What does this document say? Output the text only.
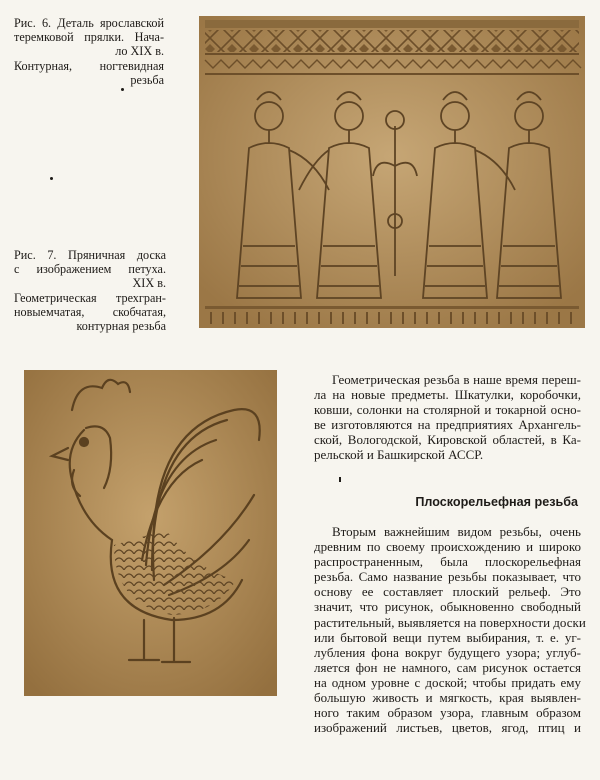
Рис. 6. Деталь ярославской
теремковой прялки. Нача-
ло XIX в.
Контурная, ногтевидная
резьба
Рис. 7. Пряничная доска
с изображением петуха.
XIX в.
Геометрическая трехгран-
новыемчатая, скобчатая,
контурная резьба
Геометрическая резьба в наше время переш-
ла на новые предметы. Шкатулки, коробочки,
ковши, солонки на столярной и токарной осно-
ве изготовляются на предприятиях Архангель-
ской, Вологодской, Кировской областей, в Ка-
рельской и Башкирской АССР.
Плоскорельефная резьба
Вторым важнейшим видом резьбы, очень
древним по своему происхождению и широко
распространенным, была плоскорельефная
резьба. Само название резьбы показывает, что
основу ее составляет плоский рельеф. Это
значит, что рисунок, обыкновенно свободный
растительный, выявляется на поверхности доски
или бытовой вещи путем выбирания, т. е. уг-
лубления фона вокруг будущего узора; углуб-
ляется фон не намного, сам рисунок остается
на одном уровне с доской; чтобы придать ему
большую живость и мягкость, края выявлен-
ного таким образом узора, главным образом
изображений листьев, цветов, ягод, птиц и
